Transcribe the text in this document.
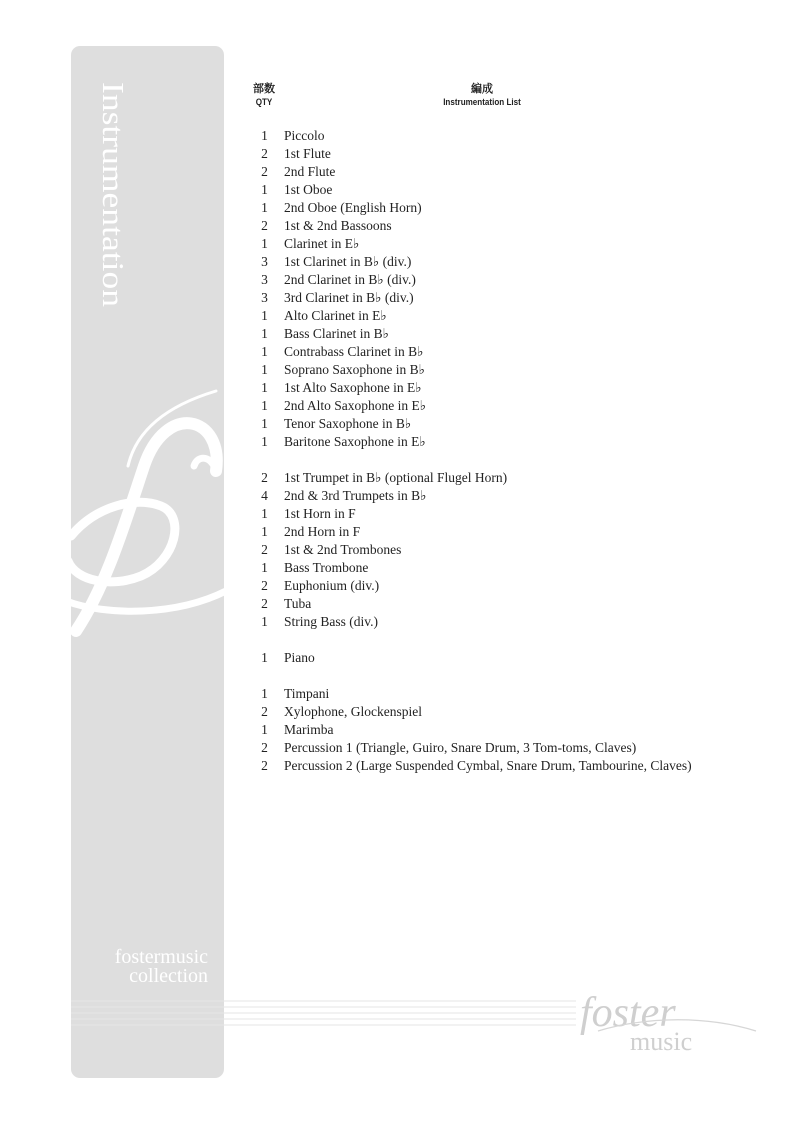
Instrumentation
fostermusic
collection
foster
music
部数
QTY
編成
Instrumentation List
1 Piccolo
2 1st Flute
2 2nd Flute
1 1st Oboe
1 2nd Oboe (English Horn)
2 1st & 2nd Bassoons
1 Clarinet in E♭
3 1st Clarinet in B♭ (div.)
3 2nd Clarinet in B♭ (div.)
3 3rd Clarinet in B♭ (div.)
1 Alto Clarinet in E♭
1 Bass Clarinet in B♭
1 Contrabass Clarinet in B♭
1 Soprano Saxophone in B♭
1 1st Alto Saxophone in E♭
1 2nd Alto Saxophone in E♭
1 Tenor Saxophone in B♭
1 Baritone Saxophone in E♭
2 1st Trumpet in B♭ (optional Flugel Horn)
4 2nd & 3rd Trumpets in B♭
1 1st Horn in F
1 2nd Horn in F
2 1st & 2nd Trombones
1 Bass Trombone
2 Euphonium (div.)
2 Tuba
1 String Bass (div.)
1 Piano
1 Timpani
2 Xylophone, Glockenspiel
1 Marimba
2 Percussion 1 (Triangle, Guiro, Snare Drum, 3 Tom-toms, Claves)
2 Percussion 2 (Large Suspended Cymbal, Snare Drum, Tambourine, Claves)
